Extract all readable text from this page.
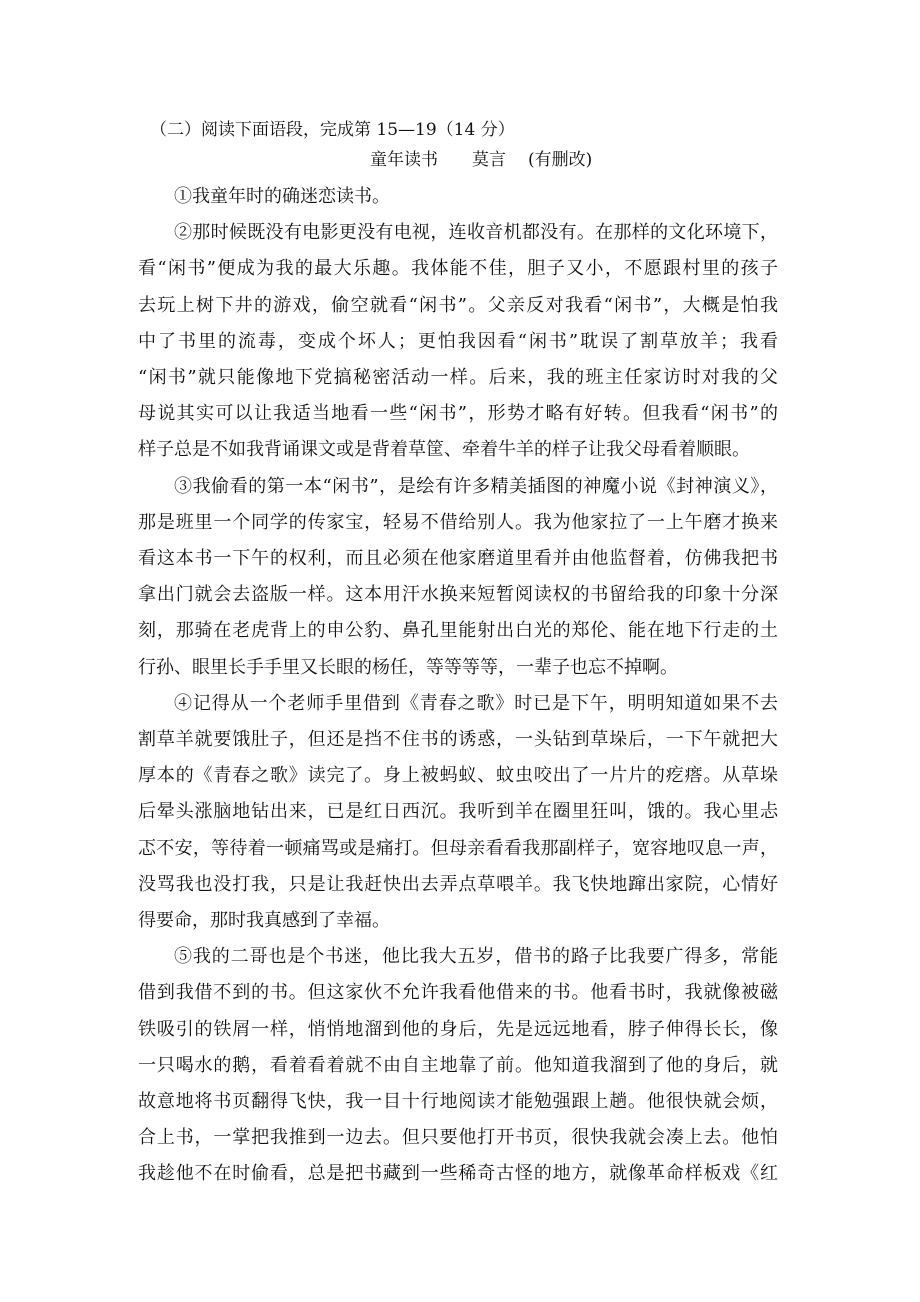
（二）阅读下面语段，完成第 15—19（14 分）
童年读书 莫言 (有删改)
①我童年时的确迷恋读书。
②那时候既没有电影更没有电视，连收音机都没有。在那样的文化环境下，
看“闲书”便成为我的最大乐趣。我体能不佳，胆子又小，不愿跟村里的孩子
去玩上树下井的游戏，偷空就看“闲书”。父亲反对我看“闲书”，大概是怕我
中了书里的流毒，变成个坏人；更怕我因看“闲书”耽误了割草放羊；我看
“闲书”就只能像地下党搞秘密活动一样。后来，我的班主任家访时对我的父
母说其实可以让我适当地看一些“闲书”，形势才略有好转。但我看“闲书”的
样子总是不如我背诵课文或是背着草筐、牵着牛羊的样子让我父母看着顺眼。
③我偷看的第一本“闲书”，是绘有许多精美插图的神魔小说《封神演义》，
那是班里一个同学的传家宝，轻易不借给别人。我为他家拉了一上午磨才换来
看这本书一下午的权利，而且必须在他家磨道里看并由他监督着，仿佛我把书
拿出门就会去盗版一样。这本用汗水换来短暂阅读权的书留给我的印象十分深
刻，那骑在老虎背上的申公豹、鼻孔里能射出白光的郑伦、能在地下行走的土
行孙、眼里长手手里又长眼的杨任，等等等等，一辈子也忘不掉啊。
④记得从一个老师手里借到《青春之歌》时已是下午，明明知道如果不去
割草羊就要饿肚子，但还是挡不住书的诱惑，一头钻到草垛后，一下午就把大
厚本的《青春之歌》读完了。身上被蚂蚁、蚊虫咬出了一片片的疙瘩。从草垛
后晕头涨脑地钻出来，已是红日西沉。我听到羊在圈里狂叫，饿的。我心里忐
忑不安，等待着一顿痛骂或是痛打。但母亲看看我那副样子，宽容地叹息一声，
没骂我也没打我，只是让我赶快出去弄点草喂羊。我飞快地蹿出家院，心情好
得要命，那时我真感到了幸福。
⑤我的二哥也是个书迷，他比我大五岁，借书的路子比我要广得多，常能
借到我借不到的书。但这家伙不允许我看他借来的书。他看书时，我就像被磁
铁吸引的铁屑一样，悄悄地溜到他的身后，先是远远地看，脖子伸得长长，像
一只喝水的鹅，看着看着就不由自主地靠了前。他知道我溜到了他的身后，就
故意地将书页翻得飞快，我一目十行地阅读才能勉强跟上趟。他很快就会烦，
合上书，一掌把我推到一边去。但只要他打开书页，很快我就会凑上去。他怕
我趁他不在时偷看，总是把书藏到一些稀奇古怪的地方，就像革命样板戏《红
